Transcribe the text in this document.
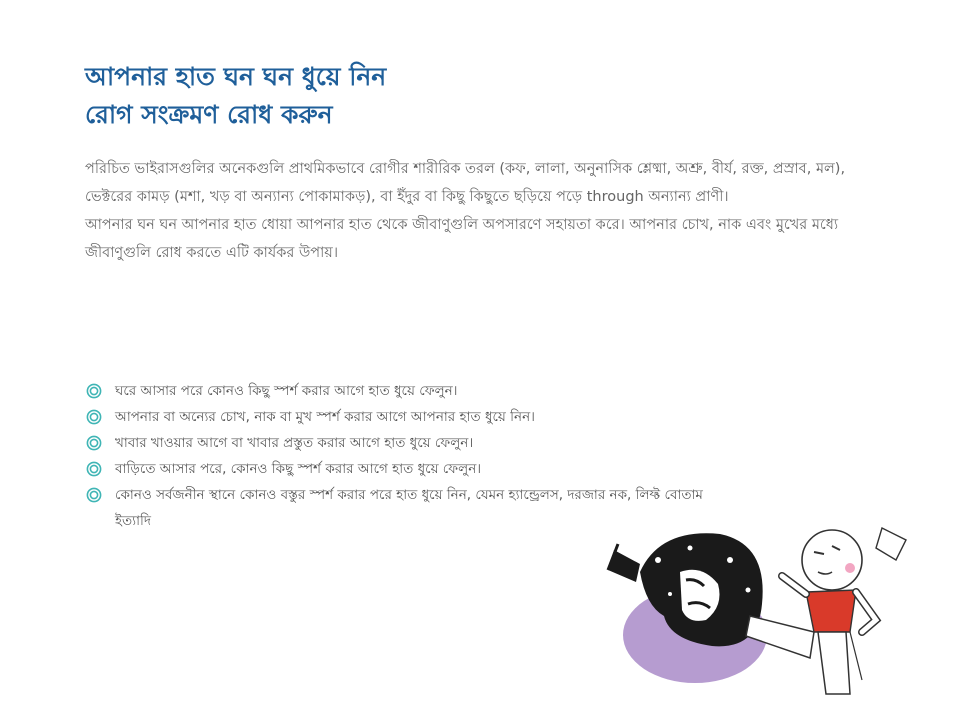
আপনার হাত ঘন ঘন ধুয়ে নিন
রোগ সংক্রমণ রোধ করুন

পরিচিত ভাইরাসগুলির অনেকগুলি প্রাথমিকভাবে রোগীর শারীরিক তরল (কফ, লালা, অনুনাসিক শ্লেষ্মা, অশ্রু, বীর্য, রক্ত, প্রস্রাব, মল), ভেক্টরের কামড় (মশা, খড় বা অন্যান্য পোকামাকড়), বা ইঁদুর বা কিছু কিছুতে ছড়িয়ে পড়ে through অন্যান্য প্রাণী।

আপনার ঘন ঘন আপনার হাত ধোয়া আপনার হাত থেকে জীবাণুগুলি অপসারণে সহায়তা করে। আপনার চোখ, নাক এবং মুখের মধ্যে জীবাণুগুলি রোধ করতে এটি কার্যকর উপায়।

ঘরে আসার পরে কোনও কিছু স্পর্শ করার আগে হাত ধুয়ে ফেলুন।
আপনার বা অন্যের চোখ, নাক বা মুখ স্পর্শ করার আগে আপনার হাত ধুয়ে নিন।
খাবার খাওয়ার আগে বা খাবার প্রস্তুত করার আগে হাত ধুয়ে ফেলুন।
বাড়িতে আসার পরে, কোনও কিছু স্পর্শ করার আগে হাত ধুয়ে ফেলুন।
কোনও সর্বজনীন স্থানে কোনও বস্তুর স্পর্শ করার পরে হাত ধুয়ে নিন, যেমন হ্যান্ড্রেলস, দরজার নক, লিফ্ট বোতাম ইত্যাদি
